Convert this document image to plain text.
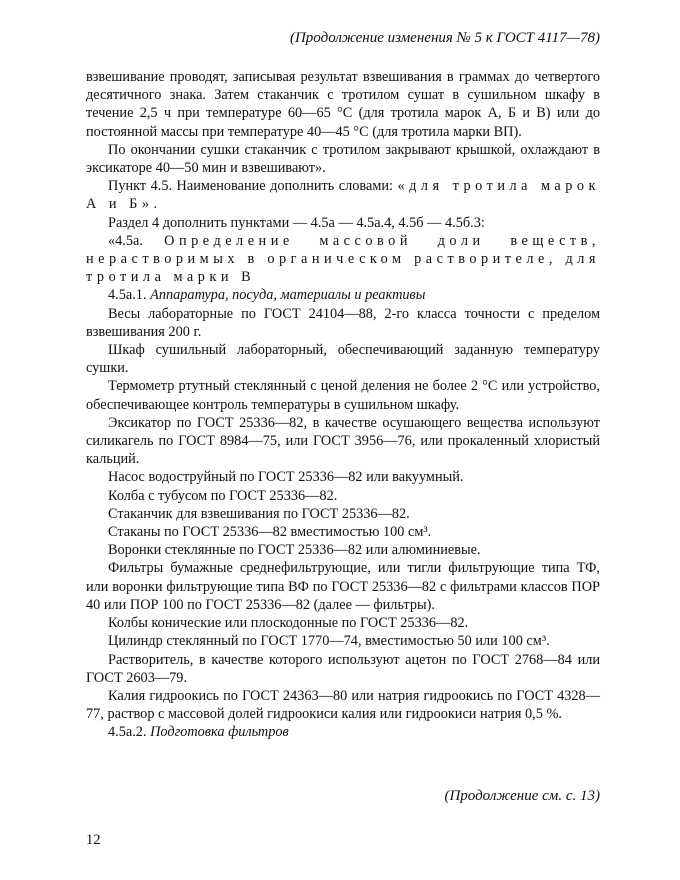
(Продолжение изменения № 5 к ГОСТ 4117—78)

взвешивание проводят, записывая результат взвешивания в граммах до четвертого десятичного знака. Затем стаканчик с тротилом сушат в сушильном шкафу в течение 2,5 ч при температуре 60—65 °С (для тротила марок А, Б и В) или до постоянной массы при температуре 40—45 °С (для тротила марки ВП).

По окончании сушки стаканчик с тротилом закрывают крышкой, охлаждают в эксикаторе 40—50 мин и взвешивают».

Пункт 4.5. Наименование дополнить словами: «для тротила марок А и Б».

Раздел 4 дополнить пунктами — 4.5а — 4.5а.4, 4.5б — 4.5б.3:

«4.5а. Определение массовой доли веществ, нерастворимых в органическом растворителе, для тротила марки В

4.5а.1. Аппаратура, посуда, материалы и реактивы

Весы лабораторные по ГОСТ 24104—88, 2-го класса точности с пределом взвешивания 200 г.

Шкаф сушильный лабораторный, обеспечивающий заданную температуру сушки.

Термометр ртутный стеклянный с ценой деления не более 2 °С или устройство, обеспечивающее контроль температуры в сушильном шкафу.

Эксикатор по ГОСТ 25336—82, в качестве осушающего вещества используют силикагель по ГОСТ 8984—75, или ГОСТ 3956—76, или прокаленный хлористый кальций.

Насос водоструйный по ГОСТ 25336—82 или вакуумный.

Колба с тубусом по ГОСТ 25336—82.

Стаканчик для взвешивания по ГОСТ 25336—82.

Стаканы по ГОСТ 25336—82 вместимостью 100 см³.

Воронки стеклянные по ГОСТ 25336—82 или алюминиевые.

Фильтры бумажные среднефильтрующие, или тигли фильтрующие типа ТФ, или воронки фильтрующие типа ВФ по ГОСТ 25336—82 с фильтрами классов ПОР 40 или ПОР 100 по ГОСТ 25336—82 (далее — фильтры).

Колбы конические или плоскодонные по ГОСТ 25336—82.

Цилиндр стеклянный по ГОСТ 1770—74, вместимостью 50 или 100 см³.

Растворитель, в качестве которого используют ацетон по ГОСТ 2768—84 или ГОСТ 2603—79.

Калия гидроокись по ГОСТ 24363—80 или натрия гидроокись по ГОСТ 4328—77, раствор с массовой долей гидроокиси калия или гидроокиси натрия 0,5 %.

4.5а.2. Подготовка фильтров

(Продолжение см. с. 13)
12
